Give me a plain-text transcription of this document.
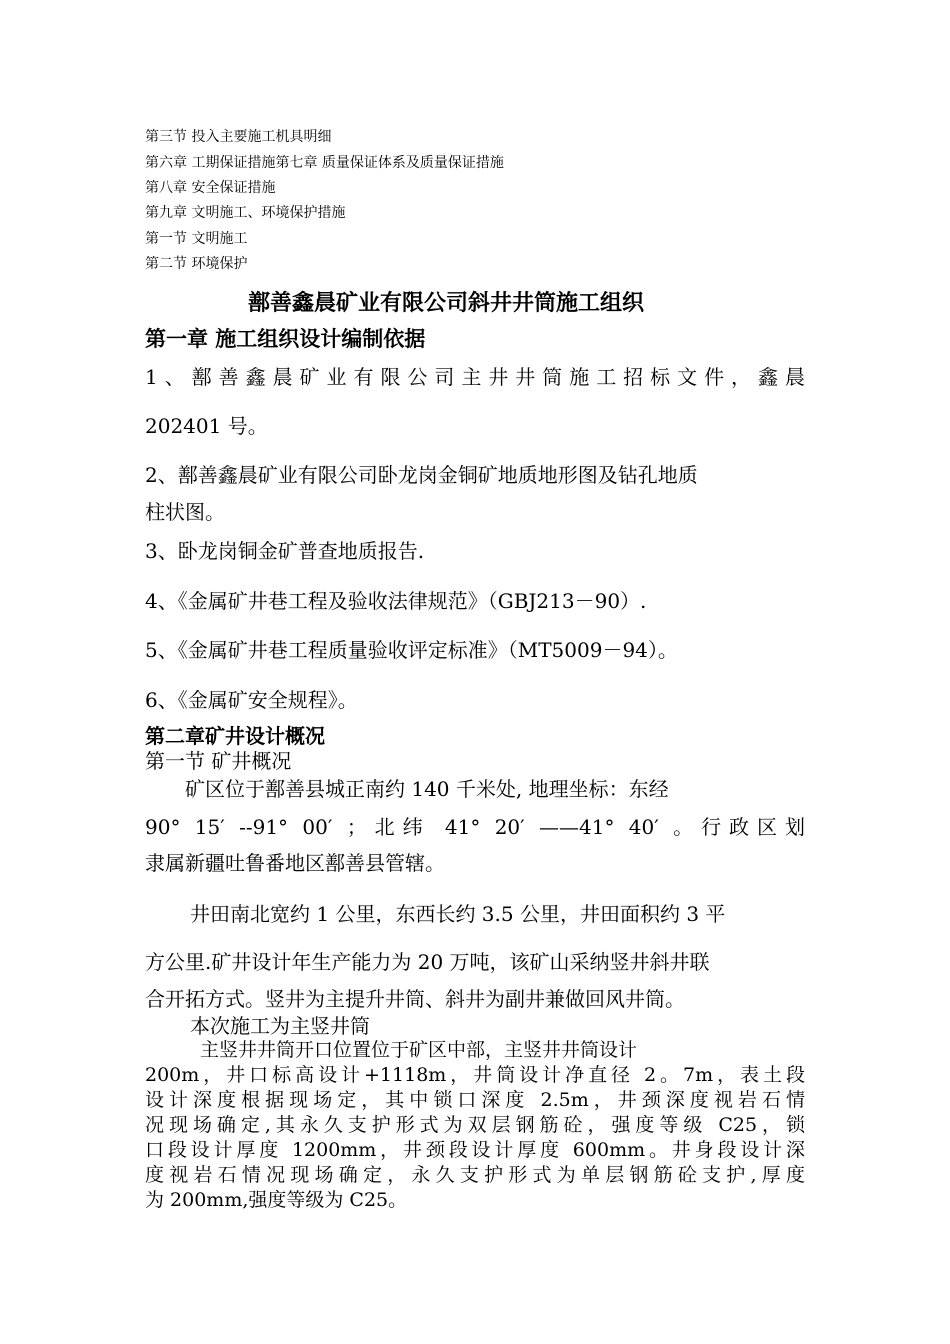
第三节 投入主要施工机具明细
第六章 工期保证措施第七章 质量保证体系及质量保证措施
第八章 安全保证措施
第九章 文明施工、环境保护措施
第一节 文明施工
第二节 环境保护
鄯善鑫晨矿业有限公司斜井井筒施工组织
第一章 施工组织设计编制依据
1、鄯善鑫晨矿业有限公司主井井筒施工招标文件，鑫晨
202401 号。
2、鄯善鑫晨矿业有限公司卧龙岗金铜矿地质地形图及钻孔地质
柱状图。
3、卧龙岗铜金矿普查地质报告.
4、《金属矿井巷工程及验收法律规范》（GBJ213－90）.
5、《金属矿井巷工程质量验收评定标准》（MT5009－94）。
6、《金属矿安全规程》。
第二章矿井设计概况
第一节 矿井概况
矿区位于鄯善县城正南约 140 千米处, 地理坐标：东经
90° 15′ --91° 00′ ；北纬 41° 20′ ——41° 40′ 。行政区划
隶属新疆吐鲁番地区鄯善县管辖。
井田南北宽约 1 公里，东西长约 3.5 公里，井田面积约 3 平
方公里.矿井设计年生产能力为 20 万吨，该矿山采纳竖井斜井联
合开拓方式。竖井为主提升井筒、斜井为副井兼做回风井筒。
本次施工为主竖井筒
主竖井井筒开口位置位于矿区中部，主竖井井筒设计
200m，井口标高设计+1118m，井筒设计净直径 2。7m，表土段
设计深度根据现场定，其中锁口深度 2.5m，井颈深度视岩石情
况现场确定,其永久支护形式为双层钢筋砼，强度等级 C25，锁
口段设计厚度 1200mm，井颈段设计厚度 600mm。井身段设计深
度视岩石情况现场确定，永久支护形式为单层钢筋砼支护,厚度
为 200mm,强度等级为 C25。
